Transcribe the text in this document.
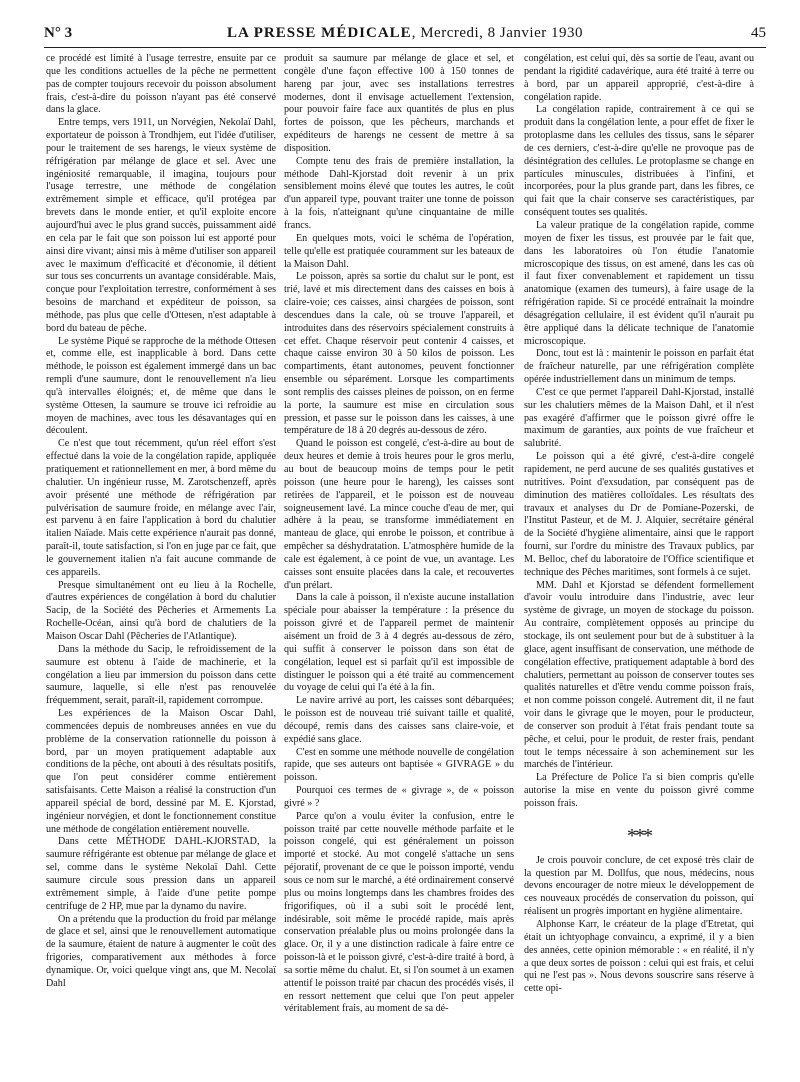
N° 3	LA PRESSE MÉDICALE, Mercredi, 8 Janvier 1930	45

ce procédé est limité à l'usage terrestre, ensuite par ce que les conditions actuelles de la pêche ne permettent pas de compter toujours recevoir du poisson absolument frais, c'est-à-dire du poisson n'ayant pas été conservé dans la glace.

Entre temps, vers 1911, un Norvégien, Nekolaï Dahl, exportateur de poisson à Trondhjem, eut l'idée d'utiliser, pour le traitement de ses harengs, le vieux système de réfrigération par mélange de glace et sel. Avec une ingéniosité remarquable, il imagina, toujours pour l'usage terrestre, une méthode de congélation extrêmement simple et efficace, qu'il protégea par brevets dans le monde entier, et qu'il exploite encore aujourd'hui avec le plus grand succès, puissamment aidé en cela par le fait que son poisson lui est apporté pour ainsi dire vivant; ainsi mis à même d'utiliser son appareil avec le maximum d'efficacité et d'économie, il détient sur tous ses concurrents un avantage considérable. Mais, conçue pour l'exploitation terrestre, conformément à ses besoins de marchand et expéditeur de poisson, sa méthode, pas plus que celle d'Ottesen, n'est adaptable à bord du bateau de pêche.

Le système Piqué se rapproche de la méthode Ottesen et, comme elle, est inapplicable à bord. Dans cette méthode, le poisson est également immergé dans un bac rempli d'une saumure, dont le renouvellement n'a lieu qu'à intervalles éloignés; et, de même que dans le système Ottesen, la saumure se trouve ici refroidie au moyen de machines, avec tous les désavantages qui en découlent.

Ce n'est que tout récemment, qu'un réel effort s'est effectué dans la voie de la congélation rapide, appliquée pratiquement et rationnellement en mer, à bord même du chalutier. Un ingénieur russe, M. Zarotschenzeff, après avoir présenté une méthode de réfrigération par pulvérisation de saumure froide, en mélange avec l'air, est parvenu à en faire l'application à bord du chalutier italien Naïade. Mais cette expérience n'aurait pas donné, paraît-il, toute satisfaction, si l'on en juge par ce fait, que le gouvernement italien n'a fait aucune commande de ces appareils.

Presque simultanément ont eu lieu à la Rochelle, d'autres expériences de congélation à bord du chalutier Sacip, de la Société des Pêcheries et Armements La Rochelle-Océan, ainsi qu'à bord de chalutiers de la Maison Oscar Dahl (Pêcheries de l'Atlantique).

Dans la méthode du Sacip, le refroidissement de la saumure est obtenu à l'aide de machinerie, et la congélation a lieu par immersion du poisson dans cette saumure, laquelle, si elle n'est pas renouvelée fréquemment, serait, paraît-il, rapidement corrompue.

Les expériences de la Maison Oscar Dahl, commencées depuis de nombreuses années en vue du problème de la conservation rationnelle du poisson à bord, par un moyen pratiquement adaptable aux conditions de la pêche, ont abouti à des résultats positifs, que l'on peut considérer comme entièrement satisfaisants. Cette Maison a réalisé la construction d'un appareil spécial de bord, dessiné par M. E. Kjorstad, ingénieur norvégien, et dont le fonctionnement constitue une méthode de congélation entièrement nouvelle.

Dans cette MÉTHODE DAHL-KJORSTAD, la saumure réfrigérante est obtenue par mélange de glace et sel, comme dans le système Nekolaï Dahl. Cette saumure circule sous pression dans un appareil extrêmement simple, à l'aide d'une petite pompe centrifuge de 2 HP, mue par la dynamo du navire.

On a prétendu que la production du froid par mélange de glace et sel, ainsi que le renouvellement automatique de la saumure, étaient de nature à augmenter le coût des frigories, comparativement aux méthodes à force dynamique. Or, voici quelque vingt ans, que M. Necolaï Dahl

produit sa saumure par mélange de glace et sel, et congèle d'une façon effective 100 à 150 tonnes de hareng par jour, avec ses installations terrestres modernes, dont il envisage actuellement l'extension, pour pouvoir faire face aux quantités de plus en plus fortes de poisson, que les pêcheurs, marchands et expéditeurs de harengs ne cessent de mettre à sa disposition.

Compte tenu des frais de première installation, la méthode Dahl-Kjorstad doit revenir à un prix sensiblement moins élevé que toutes les autres, le coût d'un appareil type, pouvant traiter une tonne de poisson à la fois, n'atteignant qu'une cinquantaine de mille francs.

En quelques mots, voici le schéma de l'opération, telle qu'elle est pratiquée couramment sur les bateaux de la Maison Dahl.

Le poisson, après sa sortie du chalut sur le pont, est trié, lavé et mis directement dans des caisses en bois à claire-voie; ces caisses, ainsi chargées de poisson, sont descendues dans la cale, où se trouve l'appareil, et introduites dans des réservoirs spécialement construits à cet effet. Chaque réservoir peut contenir 4 caisses, et chaque caisse environ 30 à 50 kilos de poisson. Les compartiments, étant autonomes, peuvent fonctionner ensemble ou séparément. Lorsque les compartiments sont remplis des caisses pleines de poisson, on en ferme la porte, la saumure est mise en circulation sous pression, et passe sur le poisson dans les caisses, à une température de 18 à 20 degrés au-dessous de zéro.

Quand le poisson est congelé, c'est-à-dire au bout de deux heures et demie à trois heures pour le gros merlu, au bout de beaucoup moins de temps pour le petit poisson (une heure pour le hareng), les caisses sont retirées de l'appareil, et le poisson est de nouveau soigneusement lavé. La mince couche d'eau de mer, qui adhère à la peau, se transforme immédiatement en manteau de glace, qui enrobe le poisson, et contribue à empêcher sa déshydratation. L'atmosphère humide de la cale est également, à ce point de vue, un avantage. Les caisses sont ensuite placées dans la cale, et recouvertes d'un prélart.

Dans la cale à poisson, il n'existe aucune installation spéciale pour abaisser la température : la présence du poisson givré et de l'appareil permet de maintenir aisément un froid de 3 à 4 degrés au-dessous de zéro, qui suffit à conserver le poisson dans son état de congélation, lequel est si parfait qu'il est impossible de distinguer le poisson qui a été traité au commencement du voyage de celui qui l'a été à la fin.

Le navire arrivé au port, les caisses sont débarquées; le poisson est de nouveau trié suivant taille et qualité, découpé, remis dans des caisses sans claire-voie, et expédié sans glace.

C'est en somme une méthode nouvelle de congélation rapide, que ses auteurs ont baptisée « GIVRAGE » du poisson.

Pourquoi ces termes de « givrage », de « poisson givré » ?

Parce qu'on a voulu éviter la confusion, entre le poisson traité par cette nouvelle méthode parfaite et le poisson congelé, qui est généralement un poisson importé et stocké. Au mot congelé s'attache un sens péjoratif, provenant de ce que le poisson importé, vendu sous ce nom sur le marché, a été ordinairement conservé plus ou moins longtemps dans les chambres froides des frigorifiques, où il a subi soit le procédé lent, indésirable, soit même le procédé rapide, mais après conservation préalable plus ou moins prolongée dans la glace. Or, il y a une distinction radicale à faire entre ce poisson-là et le poisson givré, c'est-à-dire traité à bord, à sa sortie même du chalut. Et, si l'on soumet à un examen attentif le poisson traité par chacun des procédés visés, il en ressort nettement que celui que l'on peut appeler véritablement frais, au moment de sa dé-

congélation, est celui qui, dès sa sortie de l'eau, avant ou pendant la rigidité cadavérique, aura été traité à terre ou à bord, par un appareil approprié, c'est-à-dire à congélation rapide.

La congélation rapide, contrairement à ce qui se produit dans la congélation lente, a pour effet de fixer le protoplasme dans les cellules des tissus, sans le séparer de ces derniers, c'est-à-dire qu'elle ne provoque pas de désintégration des cellules. Le protoplasme se change en particules minuscules, distribuées à l'infini, et incorporées, pour la plus grande part, dans les fibres, ce qui fait que la chair conserve ses caractéristiques, par conséquent toutes ses qualités.

La valeur pratique de la congélation rapide, comme moyen de fixer les tissus, est prouvée par le fait que, dans les laboratoires où l'on étudie l'anatomie microscopique des tissus, on est amené, dans les cas où il faut fixer convenablement et rapidement un tissu anatomique (examen des tumeurs), à faire usage de la réfrigération rapide. Si ce procédé entraînait la moindre désagrégation cellulaire, il est évident qu'il n'aurait pu être appliqué dans la délicate technique de l'anatomie microscopique.

Donc, tout est là : maintenir le poisson en parfait état de fraîcheur naturelle, par une réfrigération complète opérée industriellement dans un minimum de temps.

C'est ce que permet l'appareil Dahl-Kjorstad, installé sur les chalutiers mêmes de la Maison Dahl, et il n'est pas exagéré d'affirmer que le poisson givré offre le maximum de garanties, aux points de vue fraîcheur et salubrité.

Le poisson qui a été givré, c'est-à-dire congelé rapidement, ne perd aucune de ses qualités gustatives et nutritives. Point d'exsudation, par conséquent pas de diminution des matières colloïdales. Les résultats des travaux et analyses du Dr de Pomiane-Pozerski, de l'Institut Pasteur, et de M. J. Alquier, secrétaire général de la Société d'hygiène alimentaire, ainsi que le rapport fourni, sur l'ordre du ministre des Travaux publics, par M. Belloc, chef du laboratoire de l'Office scientifique et technique des Pêches maritimes, sont formels à ce sujet.

MM. Dahl et Kjorstad se défendent formellement d'avoir voulu introduire dans l'industrie, avec leur système de givrage, un moyen de stockage du poisson. Au contraire, complètement opposés au principe du stockage, ils ont seulement pour but de à substituer à la glace, agent insuffisant de conservation, une méthode de congélation effective, pratiquement adaptable à bord des chalutiers, permettant au poisson de conserver toutes ses qualités naturelles et d'être vendu comme poisson frais, et non comme poisson congelé. Autrement dit, il ne faut voir dans le givrage que le moyen, pour le producteur, de conserver son produit à l'état frais pendant toute sa pêche, et celui, pour le produit, de rester frais, pendant tout le temps nécessaire à son acheminement sur les marchés de l'intérieur.

La Préfecture de Police l'a si bien compris qu'elle autorise la mise en vente du poisson givré comme poisson frais.

***

Je crois pouvoir conclure, de cet exposé très clair de la question par M. Dollfus, que nous, médecins, nous devons encourager de notre mieux le développement de ces nouveaux procédés de conservation du poisson, qui réalisent un progrès important en hygiène alimentaire.

Alphonse Karr, le créateur de la plage d'Etretat, qui était un ichtyophage convaincu, a exprimé, il y a bien des années, cette opinion mémorable : « en réalité, il n'y a que deux sortes de poisson : celui qui est frais, et celui qui ne l'est pas ». Nous devons souscrire sans réserve à cette opi-
